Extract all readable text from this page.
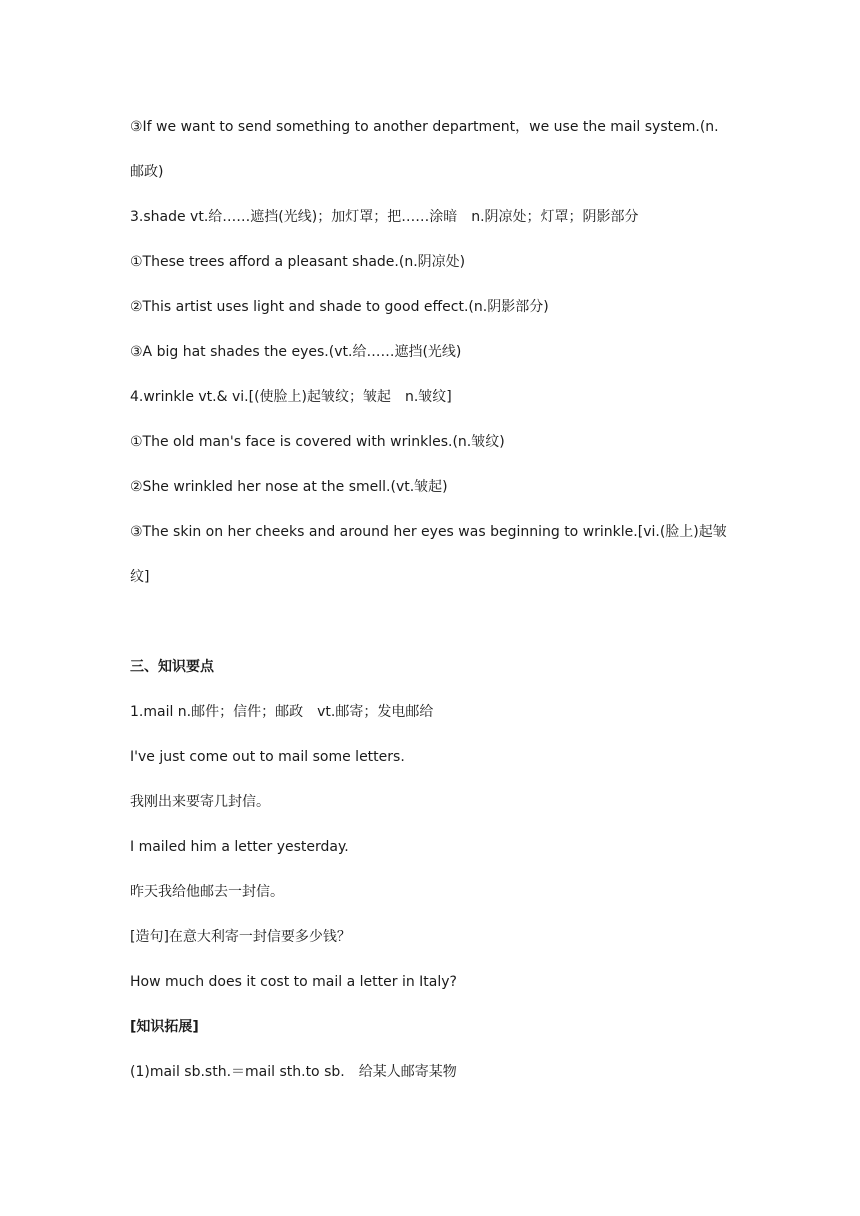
③If we want to send something to another department，we use the mail system.(n.
邮政)
3.shade vt.给……遮挡(光线)；加灯罩；把……涂暗　n.阴凉处；灯罩；阴影部分
①These trees afford a pleasant shade.(n.阴凉处)
②This artist uses light and shade to good effect.(n.阴影部分)
③A big hat shades the eyes.(vt.给……遮挡(光线)
4.wrinkle vt.& vi.[(使脸上)起皱纹；皱起　n.皱纹]
①The old man's face is covered with wrinkles.(n.皱纹)
②She wrinkled her nose at the smell.(vt.皱起)
③The skin on her cheeks and around her eyes was beginning to wrinkle.[vi.(脸上)起皱
纹]
三、知识要点
1.mail n.邮件；信件；邮政　vt.邮寄；发电邮给
I've just come out to mail some letters.
我刚出来要寄几封信。
I mailed him a letter yesterday.
昨天我给他邮去一封信。
[造句]在意大利寄一封信要多少钱？
How much does it cost to mail a letter in Italy?
[知识拓展]
(1)mail sb.sth.＝mail sth.to sb.　给某人邮寄某物
